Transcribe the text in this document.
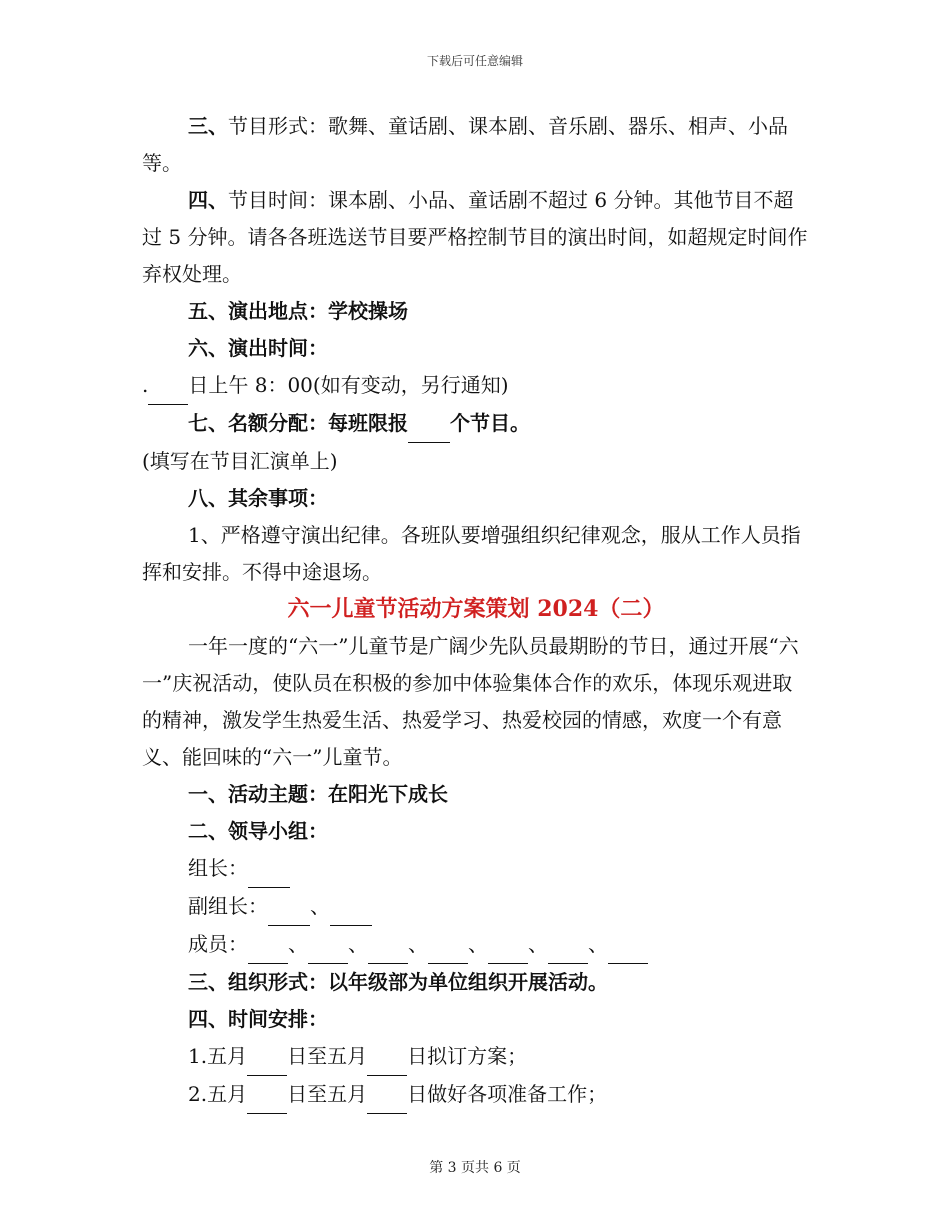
下载后可任意编辑

三、节目形式：歌舞、童话剧、课本剧、音乐剧、器乐、相声、小品等。

四、节目时间：课本剧、小品、童话剧不超过 6 分钟。其他节目不超过 5 分钟。请各各班选送节目要严格控制节目的演出时间，如超规定时间作弃权处理。

五、演出地点：学校操场

六、演出时间：

. 日上午 8：00(如有变动，另行通知)

七、名额分配：每班限报 个节目。

(填写在节目汇演单上)

八、其余事项：

1、严格遵守演出纪律。各班队要增强组织纪律观念，服从工作人员指挥和安排。不得中途退场。

六一儿童节活动方案策划 2024（二）

一年一度的“六一”儿童节是广阔少先队员最期盼的节日，通过开展“六一”庆祝活动，使队员在积极的参加中体验集体合作的欢乐，体现乐观进取的精神，激发学生热爱生活、热爱学习、热爱校园的情感，欢度一个有意义、能回味的“六一”儿童节。

一、活动主题：在阳光下成长

二、领导小组：

组长：

副组长： 、

成员： 、 、 、 、 、 、

三、组织形式：以年级部为单位组织开展活动。

四、时间安排：

1.五月 日至五月 日拟订方案；

2.五月 日至五月 日做好各项准备工作；

第 3 页共 6 页
